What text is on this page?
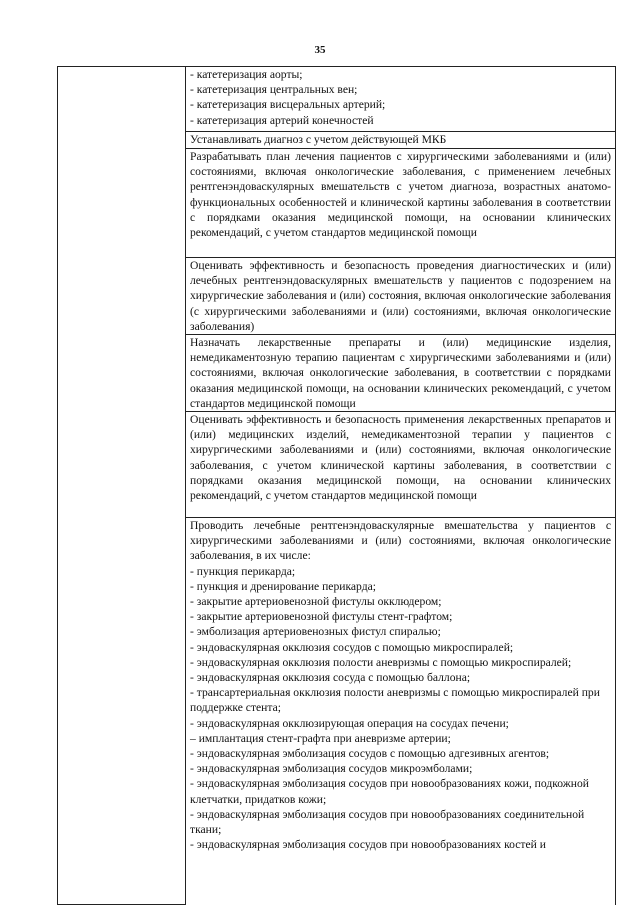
35

- катетеризация аорты;
- катетеризация центральных вен;
- катетеризация висцеральных артерий;
- катетеризация артерий конечностей

Устанавливать диагноз с учетом действующей МКБ

Разрабатывать план лечения пациентов с хирургическими заболеваниями и (или) состояниями, включая онкологические заболевания, с применением лечебных рентгенэндоваскулярных вмешательств с учетом диагноза, возрастных анатомо-функциональных особенностей и клинической картины заболевания в соответствии с порядками оказания медицинской помощи, на основании клинических рекомендаций, с учетом стандартов медицинской помощи

Оценивать эффективность и безопасность проведения диагностических и (или) лечебных рентгенэндоваскулярных вмешательств у пациентов с подозрением на хирургические заболевания и (или) состояния, включая онкологические заболевания (с хирургическими заболеваниями и (или) состояниями, включая онкологические заболевания)

Назначать лекарственные препараты и (или) медицинские изделия, немедикаментозную терапию пациентам с хирургическими заболеваниями и (или) состояниями, включая онкологические заболевания, в соответствии с порядками оказания медицинской помощи, на основании клинических рекомендаций, с учетом стандартов медицинской помощи

Оценивать эффективность и безопасность применения лекарственных препаратов и (или) медицинских изделий, немедикаментозной терапии у пациентов с хирургическими заболеваниями и (или) состояниями, включая онкологические заболевания, с учетом клинической картины заболевания, в соответствии с порядками оказания медицинской помощи, на основании клинических рекомендаций, с учетом стандартов медицинской помощи

Проводить лечебные рентгенэндоваскулярные вмешательства у пациентов с хирургическими заболеваниями и (или) состояниями, включая онкологические заболевания, в их числе:

- пункция перикарда;
- пункция и дренирование перикарда;
- закрытие артериовенозной фистулы окклюдером;
- закрытие артериовенозной фистулы стент-графтом;
- эмболизация артериовенозных фистул спиралью;
- эндоваскулярная окклюзия сосудов с помощью микроспиралей;
- эндоваскулярная окклюзия полости аневризмы с помощью микроспиралей;
- эндоваскулярная окклюзия сосуда с помощью баллона;
- трансартериальная окклюзия полости аневризмы с помощью микроспиралей при поддержке стента;
- эндоваскулярная окклюзирующая операция на сосудах печени;
– имплантация стент-графта при аневризме артерии;
- эндоваскулярная эмболизация сосудов с помощью адгезивных агентов;
- эндоваскулярная эмболизация сосудов микроэмболами;
- эндоваскулярная эмболизация сосудов при новообразованиях кожи, подкожной клетчатки, придатков кожи;
- эндоваскулярная эмболизация сосудов при новообразованиях соединительной ткани;
- эндоваскулярная эмболизация сосудов при новообразованиях костей и
